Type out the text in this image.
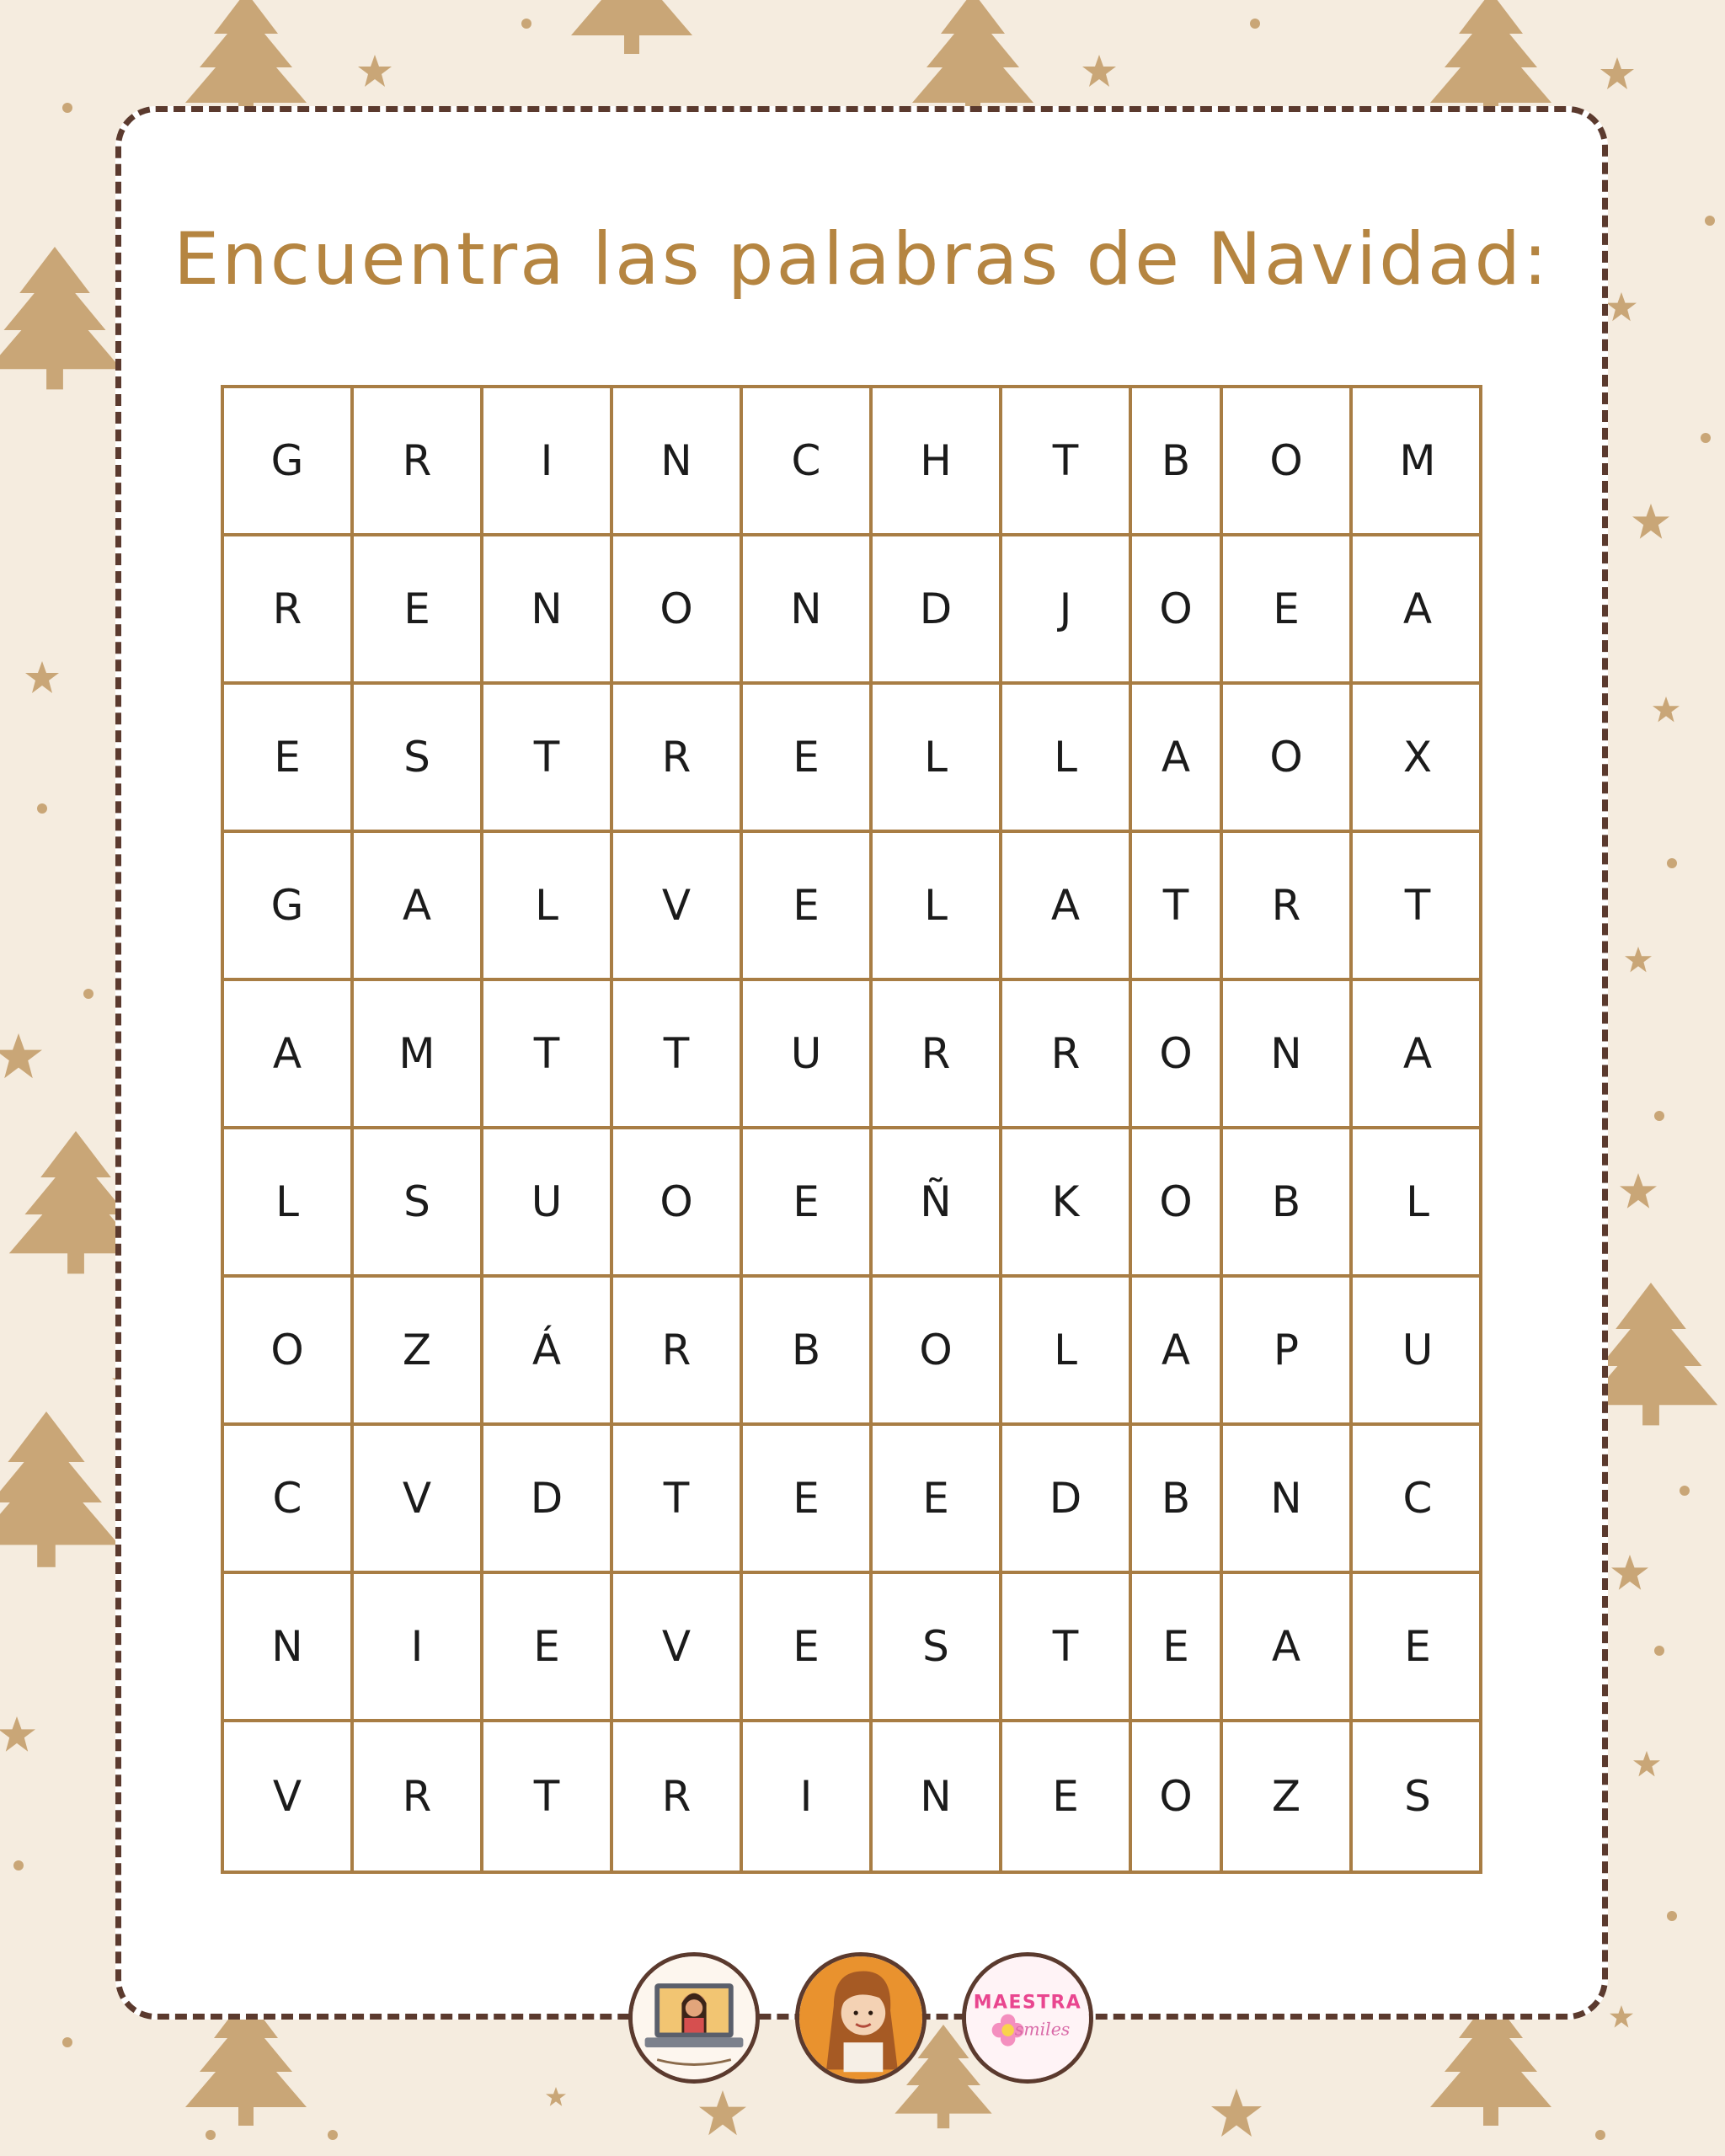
Encuentra las palabras de Navidad:
G	R	I	N	C	H	T	B	O	M
R	E	N	O	N	D	J	O	E	A
E	S	T	R	E	L	L	A	O	X
G	A	L	V	E	L	A	T	R	T
A	M	T	T	U	R	R	O	N	A
L	S	U	O	E	Ñ	K	O	B	L
O	Z	Á	R	B	O	L	A	P	U
C	V	D	T	E	E	D	B	N	C
N	I	E	V	E	S	T	E	A	E
V	R	T	R	I	N	E	O	Z	S
MAESTRA
smiles
